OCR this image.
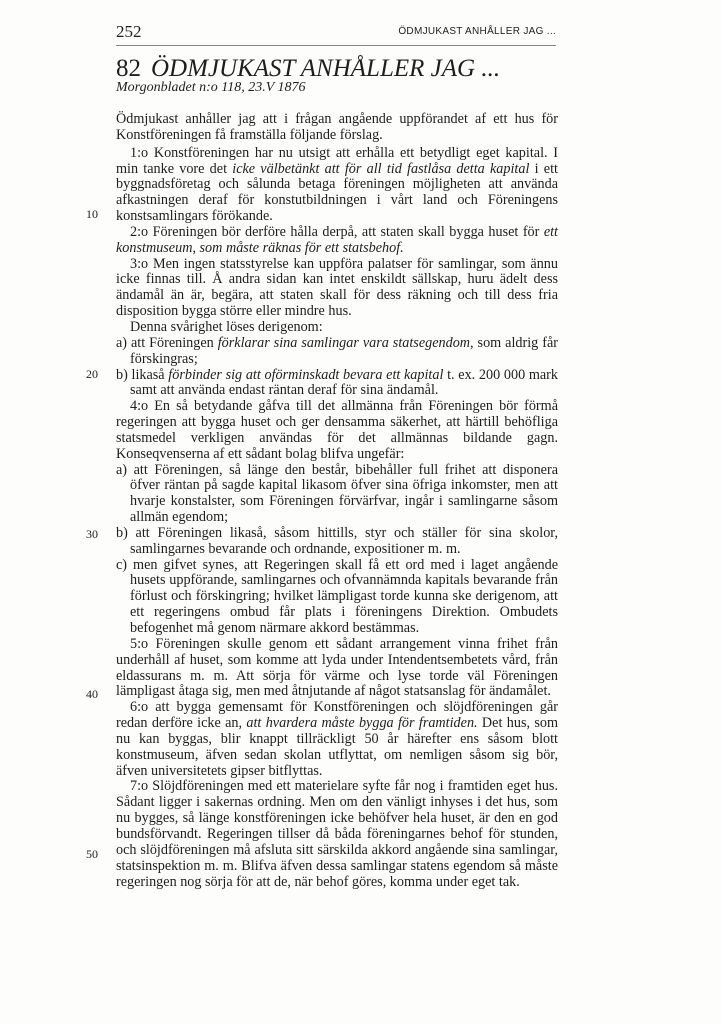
252	ÖDMJUKAST ANHÅLLER JAG ...
82 ÖDMJUKAST ANHÅLLER JAG ...
Morgonbladet n:o 118, 23.V 1876
10
20
30
40
50

Ödmjukast anhåller jag att i frågan angående uppförandet af ett hus för Konstföreningen få framställa följande förslag.

1:o Konstföreningen har nu utsigt att erhålla ett betydligt eget kapital. I min tanke vore det icke välbetänkt att för all tid fastlåsa detta kapital i ett byggnadsföretag och sålunda betaga föreningen möjligheten att använda afkastningen deraf för konstutbildningen i vårt land och Föreningens konstsamlingars förökande.

2:o Föreningen bör derföre hålla derpå, att staten skall bygga huset för ett konstmuseum, som måste räknas för ett statsbehof.

3:o Men ingen statsstyrelse kan uppföra palatser för samlingar, som ännu icke finnas till. Å andra sidan kan intet enskildt sällskap, huru ädelt dess ändamål än är, begära, att staten skall för dess räkning och till dess fria disposition bygga större eller mindre hus.

Denna svårighet löses derigenom:

a) att Föreningen förklarar sina samlingar vara statsegendom, som aldrig får förskingras;

b) likaså förbinder sig att oförminskadt bevara ett kapital t. ex. 200 000 mark samt att använda endast räntan deraf för sina ändamål.

4:o En så betydande gåfva till det allmänna från Föreningen bör förmå regeringen att bygga huset och ger densamma säkerhet, att härtill behöfliga statsmedel verkligen användas för det allmännas bildande gagn. Konseqvenserna af ett sådant bolag blifva ungefär:

a) att Föreningen, så länge den består, bibehåller full frihet att disponera öfver räntan på sagde kapital likasom öfver sina öfriga inkomster, men att hvarje konstalster, som Föreningen förvärfvar, ingår i samlingarne såsom allmän egendom;

b) att Föreningen likaså, såsom hittills, styr och ställer för sina skolor, samlingarnes bevarande och ordnande, expositioner m. m.

c) men gifvet synes, att Regeringen skall få ett ord med i laget angående husets uppförande, samlingarnes och ofvannämnda kapitals bevarande från förlust och förskingring; hvilket lämpligast torde kunna ske derigenom, att ett regeringens ombud får plats i föreningens Direktion. Ombudets befogenhet må genom närmare akkord bestämmas.

5:o Föreningen skulle genom ett sådant arrangement vinna frihet från underhåll af huset, som komme att lyda under Intendentsembetets vård, från eldassurans m. m. Att sörja för värme och lyse torde väl Föreningen lämpligast åtaga sig, men med åtnjutande af något statsanslag för ändamålet.

6:o att bygga gemensamt för Konstföreningen och slöjdföreningen går redan derföre icke an, att hvardera måste bygga för framtiden. Det hus, som nu kan byggas, blir knappt tillräckligt 50 år härefter ens såsom blott konstmuseum, äfven sedan skolan utflyttat, om nemligen såsom sig bör, äfven universitetets gipser bitflyttas.

7:o Slöjdföreningen med ett materielare syfte får nog i framtiden eget hus. Sådant ligger i sakernas ordning. Men om den vänligt inhyses i det hus, som nu bygges, så länge konstföreningen icke behöfver hela huset, är den en god bundsförvandt. Regeringen tillser då båda föreningarnes behof för stunden, och slöjdföreningen må afsluta sitt särskilda akkord angående sina samlingar, statsinspektion m. m. Blifva äfven dessa samlingar statens egendom så måste regeringen nog sörja för att de, när behof göres, komma under eget tak.
